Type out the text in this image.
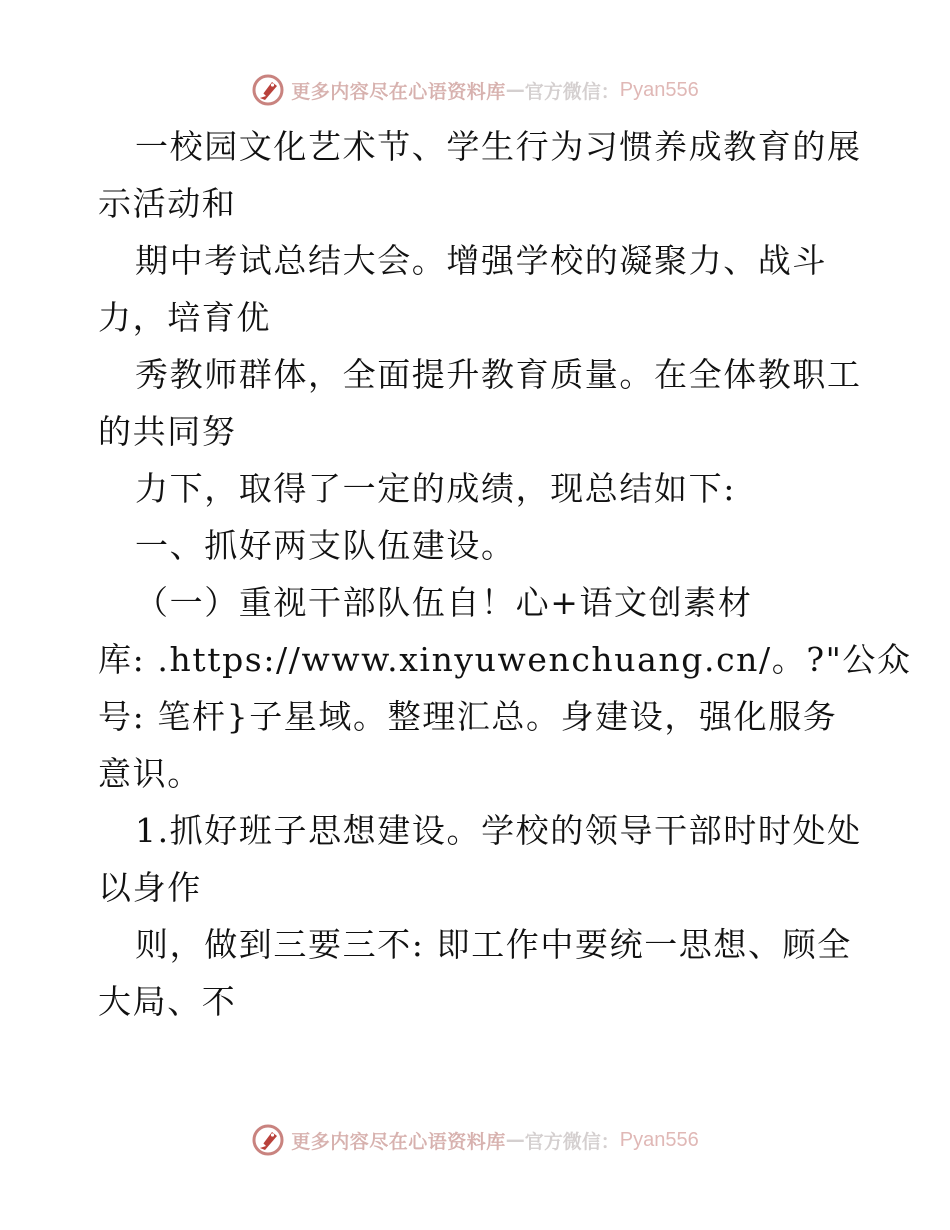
更多内容尽在心语资料库 — 官方微信： Pyan556
一校园文化艺术节、学生行为习惯养成教育的展
示活动和
期中考试总结大会。增强学校的凝聚力、战斗
力，培育优
秀教师群体，全面提升教育质量。在全体教职工
的共同努
力下，取得了一定的成绩，现总结如下:
一、抓好两支队伍建设。
（一）重视干部队伍自！心+语文创素材
库: .https://www.xinyuwenchuang.cn/。?"公众
号: 笔杆}子星域。整理汇总。身建设，强化服务
意识。
1.抓好班子思想建设。学校的领导干部时时处处
以身作
则，做到三要三不: 即工作中要统一思想、顾全
大局、不
更多内容尽在心语资料库 — 官方微信： Pyan556
